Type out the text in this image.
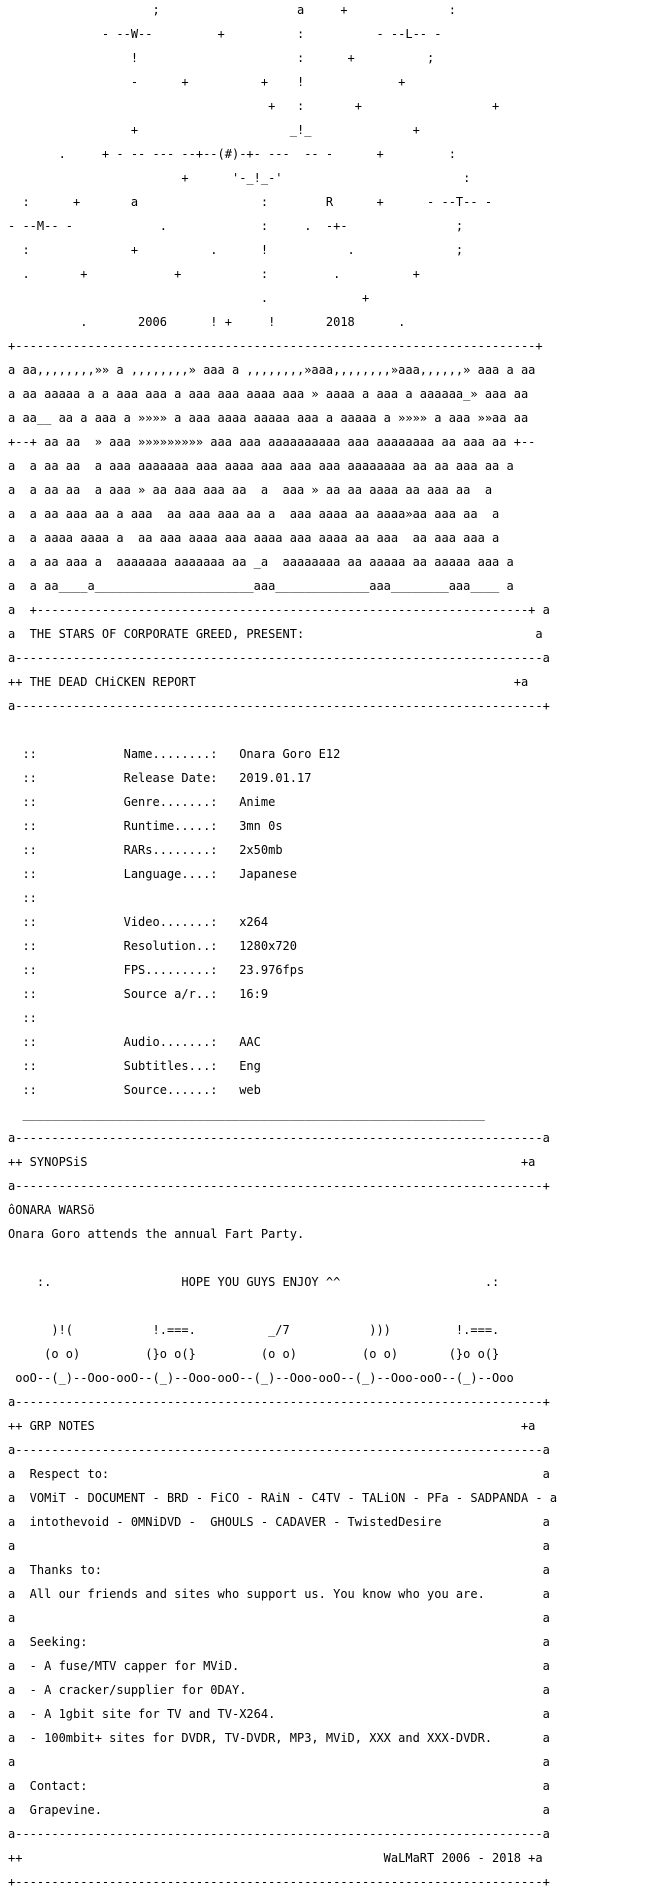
;                   a     +              :

- --W--         +          :          - --L-- -

!                      :      +          ;

-      +          +    !             +

+   :       +                  +

+                     _!_              +

.     + - -- --- --+--(#)-+- ---  -- -      +         :

+      '-_!_-'                         :

:      +       a                 :        R      +      - --T-- -

- --M-- -            .             :     .  -+-               ;

:              +          .      !           .              ;

.       +            +           :         .          +

.             +

.       2006      ! +     !       2018      .

+------------------------------------------------------------------------+

a aa,,,,,,,,»» a ,,,,,,,,» aaa a ,,,,,,,,»aaa,,,,,,,,»aaa,,,,,,» aaa a aa

a aa aaaaa a a aaa aaa a aaa aaa aaaa aaa » aaaa a aaa a aaaaaa_» aaa aa

a aa__ aa a aaa a »»»» a aaa aaaa aaaaa aaa a aaaaa a »»»» a aaa »»aa aa

+--+ aa aa  » aaa »»»»»»»»» aaa aaa aaaaaaaaaa aaa aaaaaaaa aa aaa aa +--

a  a aa aa  a aaa aaaaaaa aaa aaaa aaa aaa aaa aaaaaaaa aa aa aaa aa a

a  a aa aa  a aaa » aa aaa aaa aa  a  aaa » aa aa aaaa aa aaa aa  a

a  a aa aaa aa a aaa  aa aaa aaa aa a  aaa aaaa aa aaaa»aa aaa aa  a

a  a aaaa aaaa a  aa aaa aaaa aaa aaaa aaa aaaa aa aaa  aa aaa aaa a

a  a aa aaa a  aaaaaaa aaaaaaa aa _a  aaaaaaaa aa aaaaa aa aaaaa aaa a

a  a aa____a______________________aaa_____________aaa________aaa____ a

a  +--------------------------------------------------------------------+ a

a  THE STARS OF CORPORATE GREED, PRESENT:                                a

a-------------------------------------------------------------------------a

++ THE DEAD CHiCKEN REPORT                                            +a

a-------------------------------------------------------------------------+

::            Name........: Onara Goro E12

::            Release Date: 2019.01.17

::            Genre.......: Anime

::            Runtime.....: 3mn 0s

::            RARs........: 2x50mb

::            Language....: Japanese

::

::            Video.......: x264

::            Resolution..: 1280x720

::            FPS.........: 23.976fps

::            Source a/r..: 16:9

::

::            Audio.......: AAC

::            Subtitles...: Eng

::            Source......: web

________________________________________________________________

a-------------------------------------------------------------------------a

++ SYNOPSiS                                                            +a

a-------------------------------------------------------------------------+

ôONARA WARSö

Onara Goro attends the annual Fart Party.

:.                  HOPE YOU GUYS ENJOY ^^                    .:

)!(           !.===.          _/7           )))         !.===.

(o o)         (}o o(}         (o o)         (o o)       (}o o(}

ooO--(_)--Ooo-ooO--(_)--Ooo-ooO--(_)--Ooo-ooO--(_)--Ooo-ooO--(_)--Ooo

a-------------------------------------------------------------------------+

++ GRP NOTES                                                           +a

a-------------------------------------------------------------------------a

a  Respect to:                                                            a

a  VOMiT - DOCUMENT - BRD - FiCO - RAiN - C4TV - TALiON - PFa - SADPANDA - a

a  intothevoid - 0MNiDVD -  GHOULS - CADAVER - TwistedDesire              a

a                                                                         a

a  Thanks to:                                                             a

a  All our friends and sites who support us. You know who you are.        a

a                                                                         a

a  Seeking:                                                               a

a  - A fuse/MTV capper for MViD.                                          a

a  - A cracker/supplier for 0DAY.                                         a

a  - A 1gbit site for TV and TV-X264.                                     a

a  - 100mbit+ sites for DVDR, TV-DVDR, MP3, MViD, XXX and XXX-DVDR.       a

a                                                                         a

a  Contact:                                                               a

a  Grapevine.                                                             a

a-------------------------------------------------------------------------a

++                                                  WaLMaRT 2006 - 2018 +a

+-------------------------------------------------------------------------+
